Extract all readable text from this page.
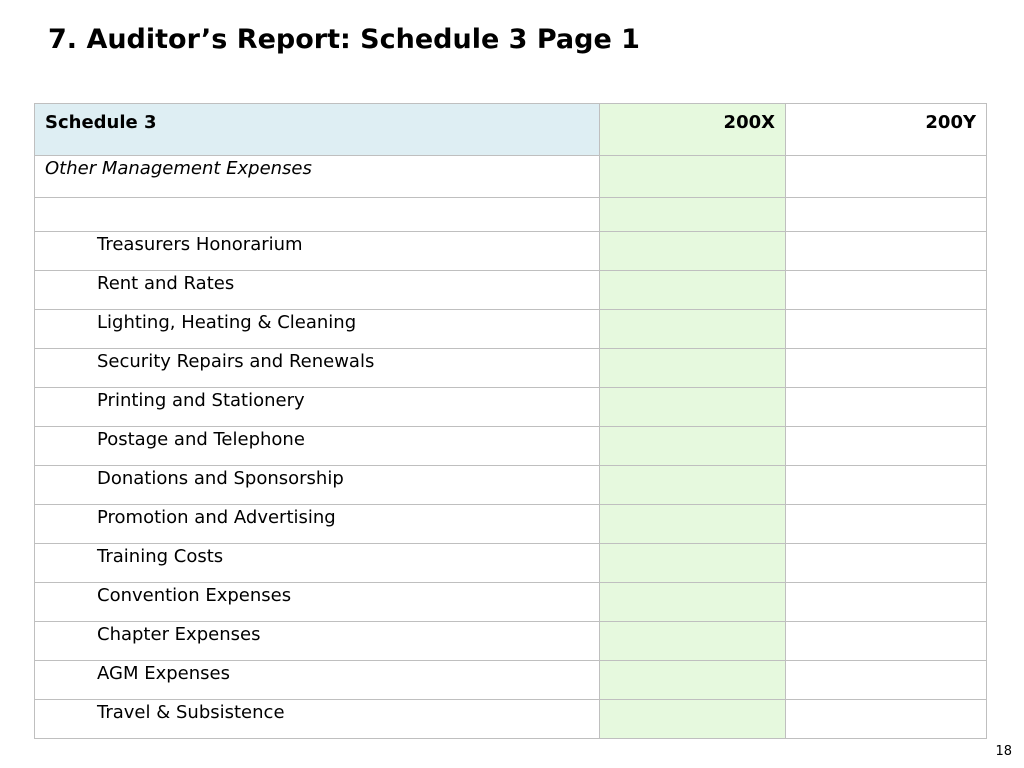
7. Auditor’s Report: Schedule 3 Page 1
Schedule 3	200X	200Y
Other Management Expenses		

Treasurers Honorarium		
Rent and Rates		
Lighting, Heating & Cleaning		
Security Repairs and Renewals		
Printing and Stationery		
Postage and Telephone		
Donations and Sponsorship		
Promotion and Advertising		
Training Costs		
Convention Expenses		
Chapter Expenses		
AGM Expenses		
Travel & Subsistence		
18
